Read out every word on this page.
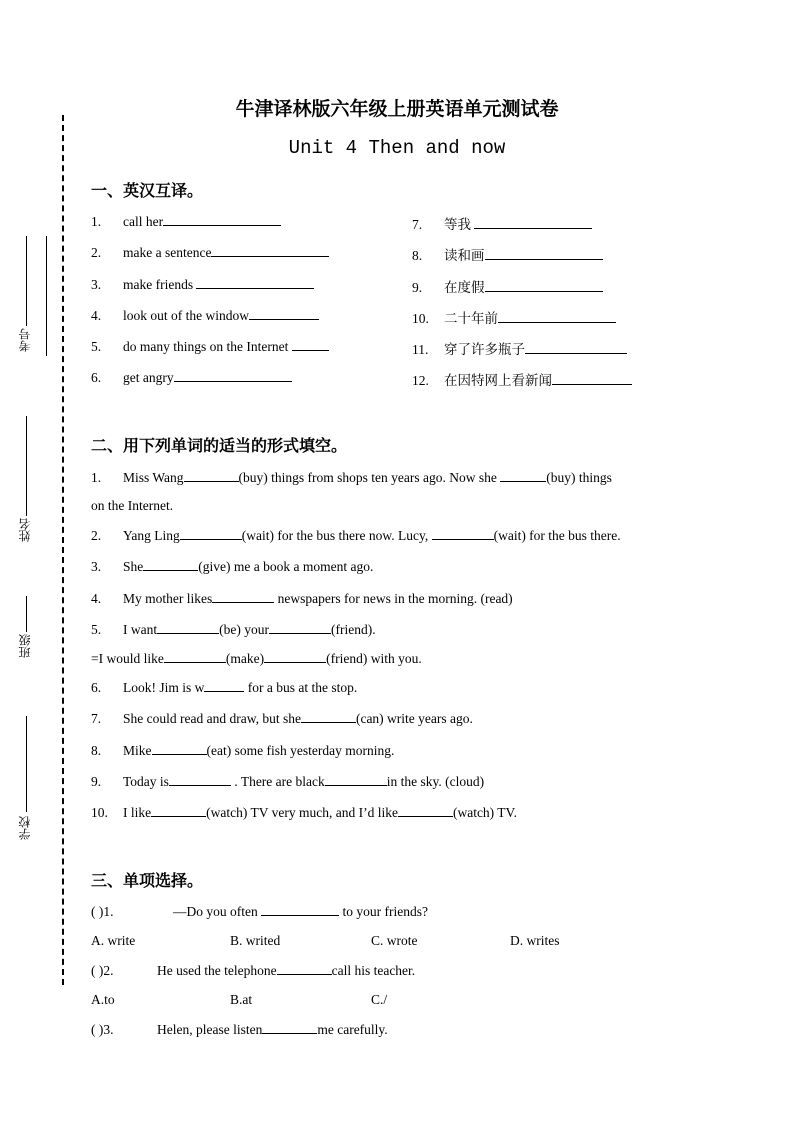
考号
姓名
班级
学校
牛津译林版六年级上册英语单元测试卷
Unit 4 Then and now
一、英汉互译。
1. call her
2. make a sentence
3. make friends
4. look out of the window
5. do many things on the Internet
6. get angry
7. 等我
8. 读和画
9. 在度假
10. 二十年前
11. 穿了许多瓶子
12. 在因特网上看新闻
二、用下列单词的适当的形式填空。
1. Miss Wang	(buy) things from shops ten years ago. Now she	(buy) things
on the Internet.
2. Yang Ling	(wait) for the bus there now. Lucy,	(wait) for the bus there.
3. She	(give) me a book a moment ago.
4. My mother likes	newspapers for news in the morning. (read)
5. I want	(be) your	(friend).
=I would like	(make)	(friend) with you.
6. Look! Jim is w	for a bus at the stop.
7. She could read and draw, but she	(can) write years ago.
8. Mike	(eat) some fish yesterday morning.
9. Today is	. There are black	in the sky. (cloud)
10. I like	(watch) TV very much, and I’d like	(watch) TV.
三、单项选择。
( )1.	—Do you often	to your friends?
A. write	B. writed	C. wrote	D. writes
( )2.	He used the telephone	call his teacher.
A.to	B.at	C./
( )3.	Helen, please listen	me carefully.
